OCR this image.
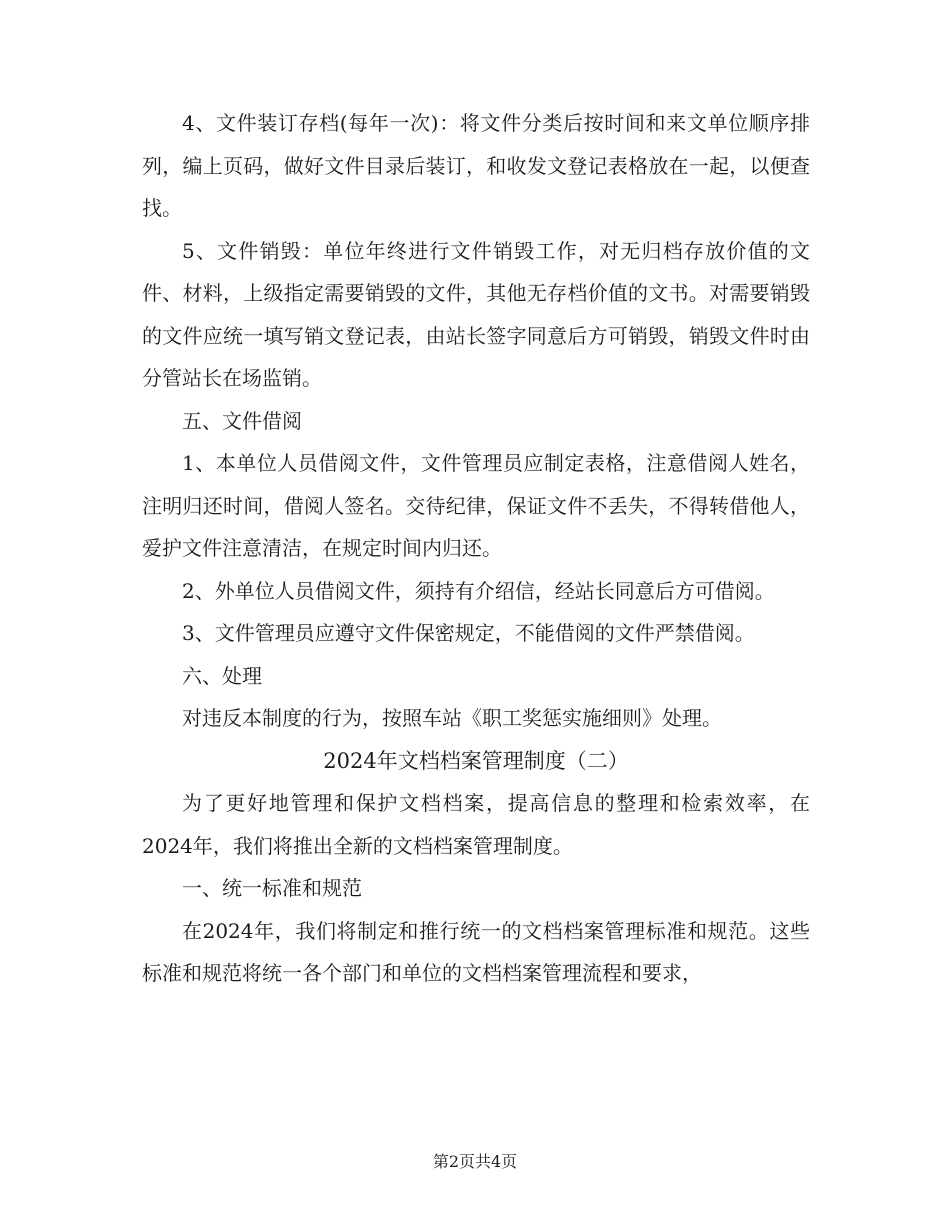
4、文件装订存档(每年一次)：将文件分类后按时间和来文单位顺序排列，编上页码，做好文件目录后装订，和收发文登记表格放在一起，以便查找。

5、文件销毁：单位年终进行文件销毁工作，对无归档存放价值的文件、材料，上级指定需要销毁的文件，其他无存档价值的文书。对需要销毁的文件应统一填写销文登记表，由站长签字同意后方可销毁，销毁文件时由分管站长在场监销。

五、文件借阅

1、本单位人员借阅文件，文件管理员应制定表格，注意借阅人姓名，注明归还时间，借阅人签名。交待纪律，保证文件不丢失，不得转借他人，爱护文件注意清洁，在规定时间内归还。

2、外单位人员借阅文件，须持有介绍信，经站长同意后方可借阅。

3、文件管理员应遵守文件保密规定，不能借阅的文件严禁借阅。

六、处理

对违反本制度的行为，按照车站《职工奖惩实施细则》处理。

2024年文档档案管理制度（二）

为了更好地管理和保护文档档案，提高信息的整理和检索效率，在2024年，我们将推出全新的文档档案管理制度。

一、统一标准和规范

在2024年，我们将制定和推行统一的文档档案管理标准和规范。这些标准和规范将统一各个部门和单位的文档档案管理流程和要求，

第2页共4页
